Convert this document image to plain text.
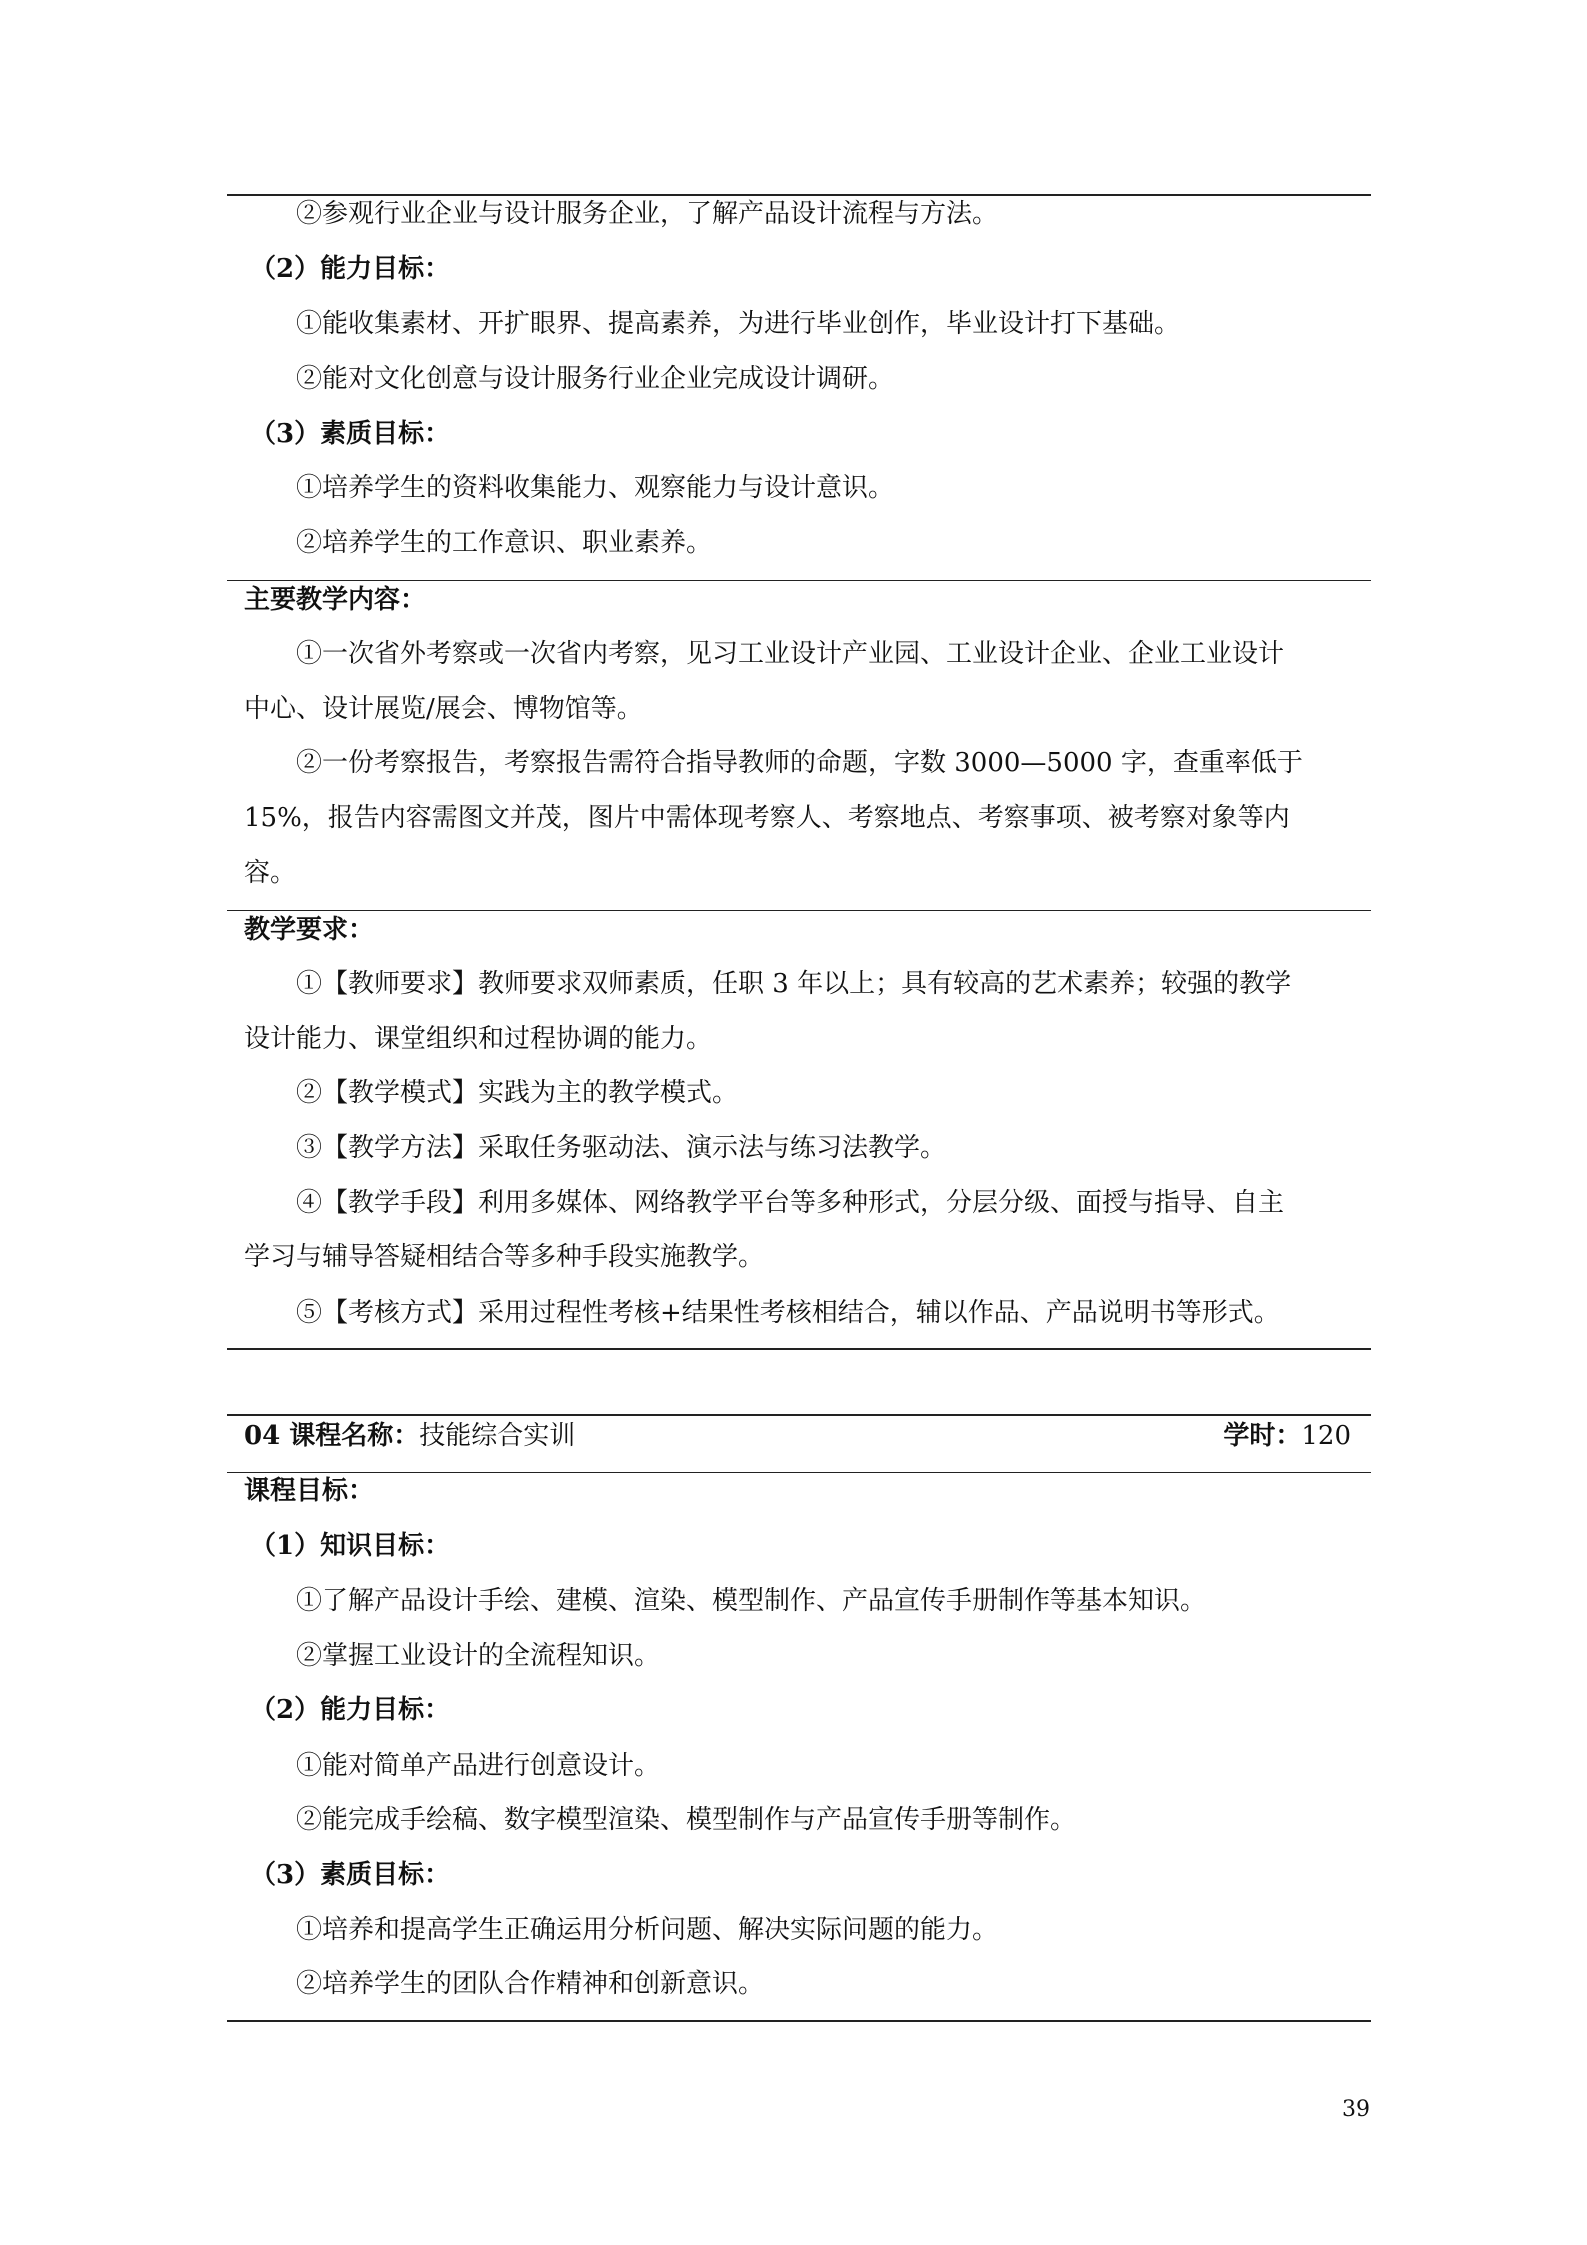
②参观行业企业与设计服务企业，了解产品设计流程与方法。
（2）能力目标：
①能收集素材、开扩眼界、提高素养，为进行毕业创作，毕业设计打下基础。
②能对文化创意与设计服务行业企业完成设计调研。
（3）素质目标：
①培养学生的资料收集能力、观察能力与设计意识。
②培养学生的工作意识、职业素养。
主要教学内容：
①一次省外考察或一次省内考察，见习工业设计产业园、工业设计企业、企业工业设计
中心、设计展览/展会、博物馆等。
②一份考察报告，考察报告需符合指导教师的命题，字数 3000—5000 字，查重率低于
15%，报告内容需图文并茂，图片中需体现考察人、考察地点、考察事项、被考察对象等内
容。
教学要求：
①【教师要求】教师要求双师素质，任职 3 年以上；具有较高的艺术素养；较强的教学
设计能力、课堂组织和过程协调的能力。
②【教学模式】实践为主的教学模式。
③【教学方法】采取任务驱动法、演示法与练习法教学。
④【教学手段】利用多媒体、网络教学平台等多种形式，分层分级、面授与指导、自主
学习与辅导答疑相结合等多种手段实施教学。
⑤【考核方式】采用过程性考核+结果性考核相结合，辅以作品、产品说明书等形式。
04 课程名称：技能综合实训	学时：120
课程目标：
（1）知识目标：
①了解产品设计手绘、建模、渲染、模型制作、产品宣传手册制作等基本知识。
②掌握工业设计的全流程知识。
（2）能力目标：
①能对简单产品进行创意设计。
②能完成手绘稿、数字模型渲染、模型制作与产品宣传手册等制作。
（3）素质目标：
①培养和提高学生正确运用分析问题、解决实际问题的能力。
②培养学生的团队合作精神和创新意识。
39
